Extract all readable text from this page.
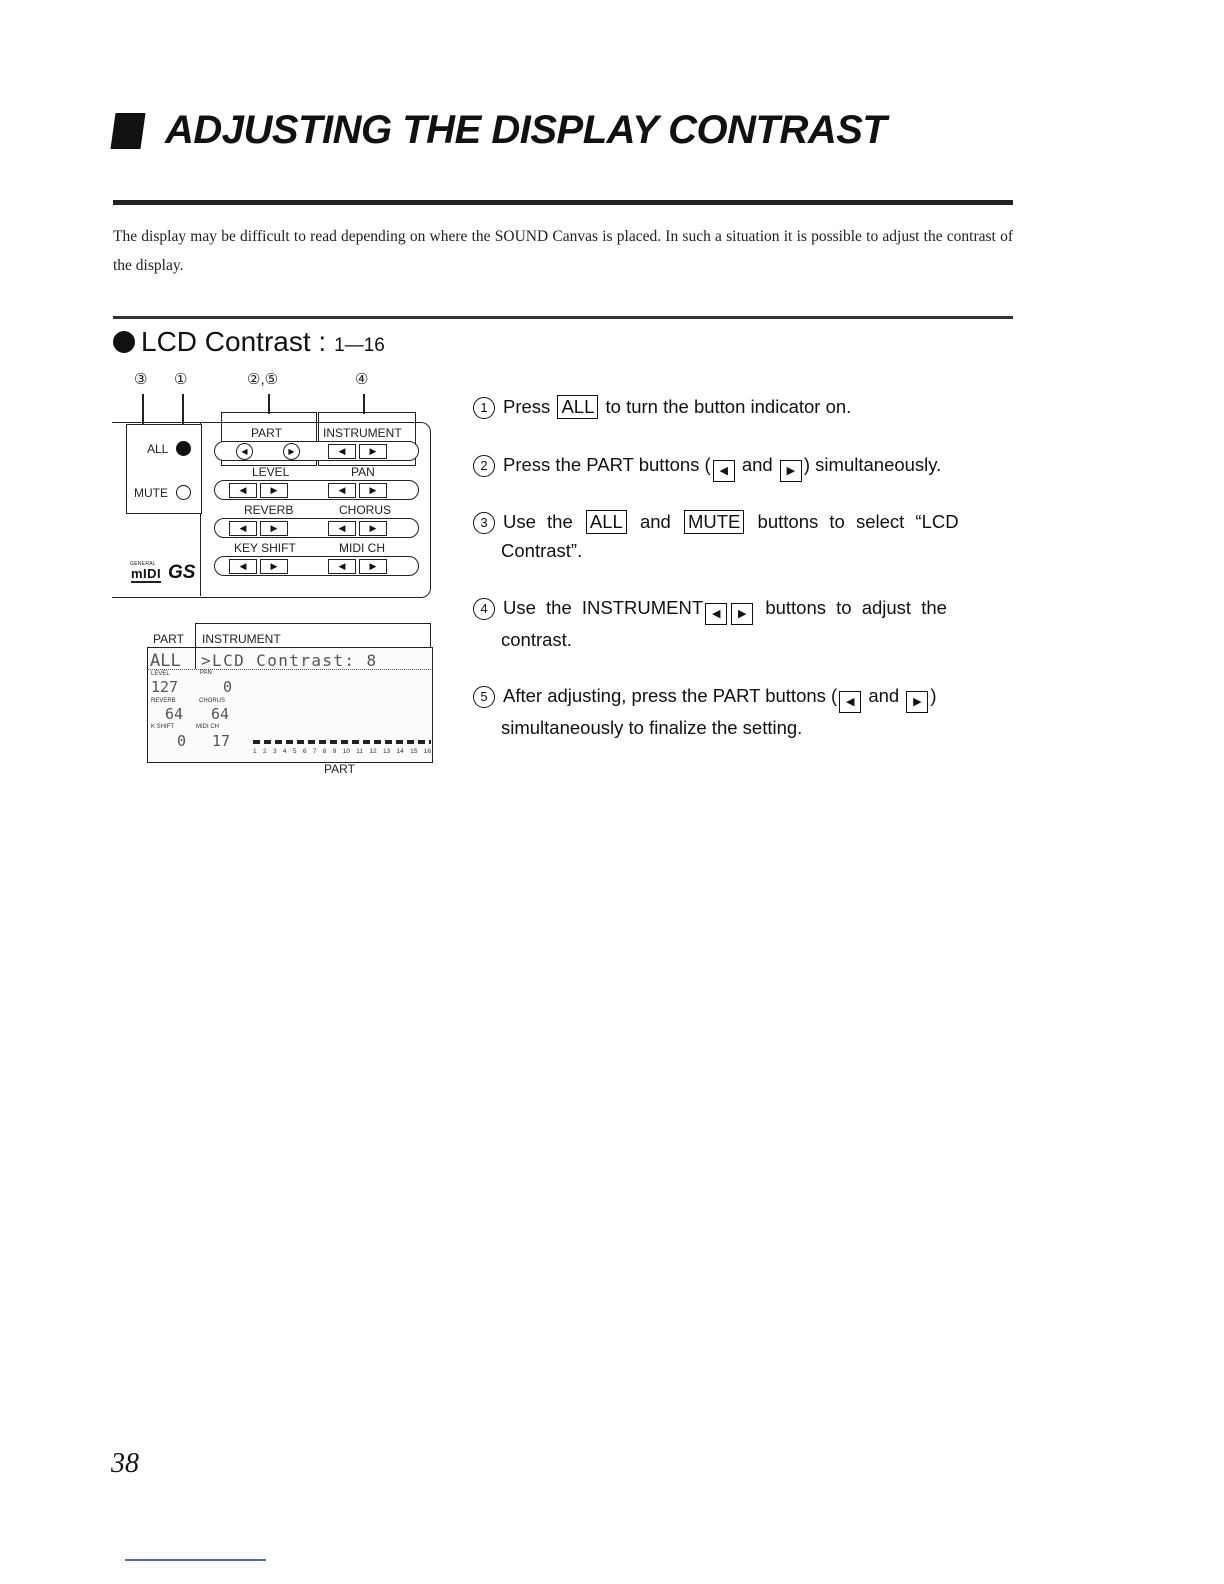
ADJUSTING THE DISPLAY CONTRAST

The display may be difficult to read depending on where the SOUND Canvas is placed. In such a situation it is possible to adjust the contrast of the display.

LCD Contrast : 1—16
③ ①	②,⑤	④
ALL
MUTE
PART	INSTRUMENT
◀	▶	◀	▶
LEVEL	PAN
◀	▶	◀	▶
REVERB	CHORUS
◀	▶	◀	▶
KEY SHIFT	MIDI CH
◀	▶	◀	▶
GENERAL
mIDI GS
PART INSTRUMENT
ALL >LCD Contrast: 8
LEVEL	PAN
127	0
REVERB	CHORUS
64 64
K SHIFT	MIDI CH
0 17
1 2 3 4 5 6 7 8 9 10 11 12 13 14 15 16
PART
1 Press ALL to turn the button indicator on.
2 Press the PART buttons ( ◀ and ▶ ) simultaneously.
3 Use the ALL and MUTE buttons to select “LCD
Contrast”.
4 Use the INSTRUMENT ◀ ▶ buttons to adjust the
contrast.
5 After adjusting, press the PART buttons ( ◀ and ▶ )
simultaneously to finalize the setting.
38
